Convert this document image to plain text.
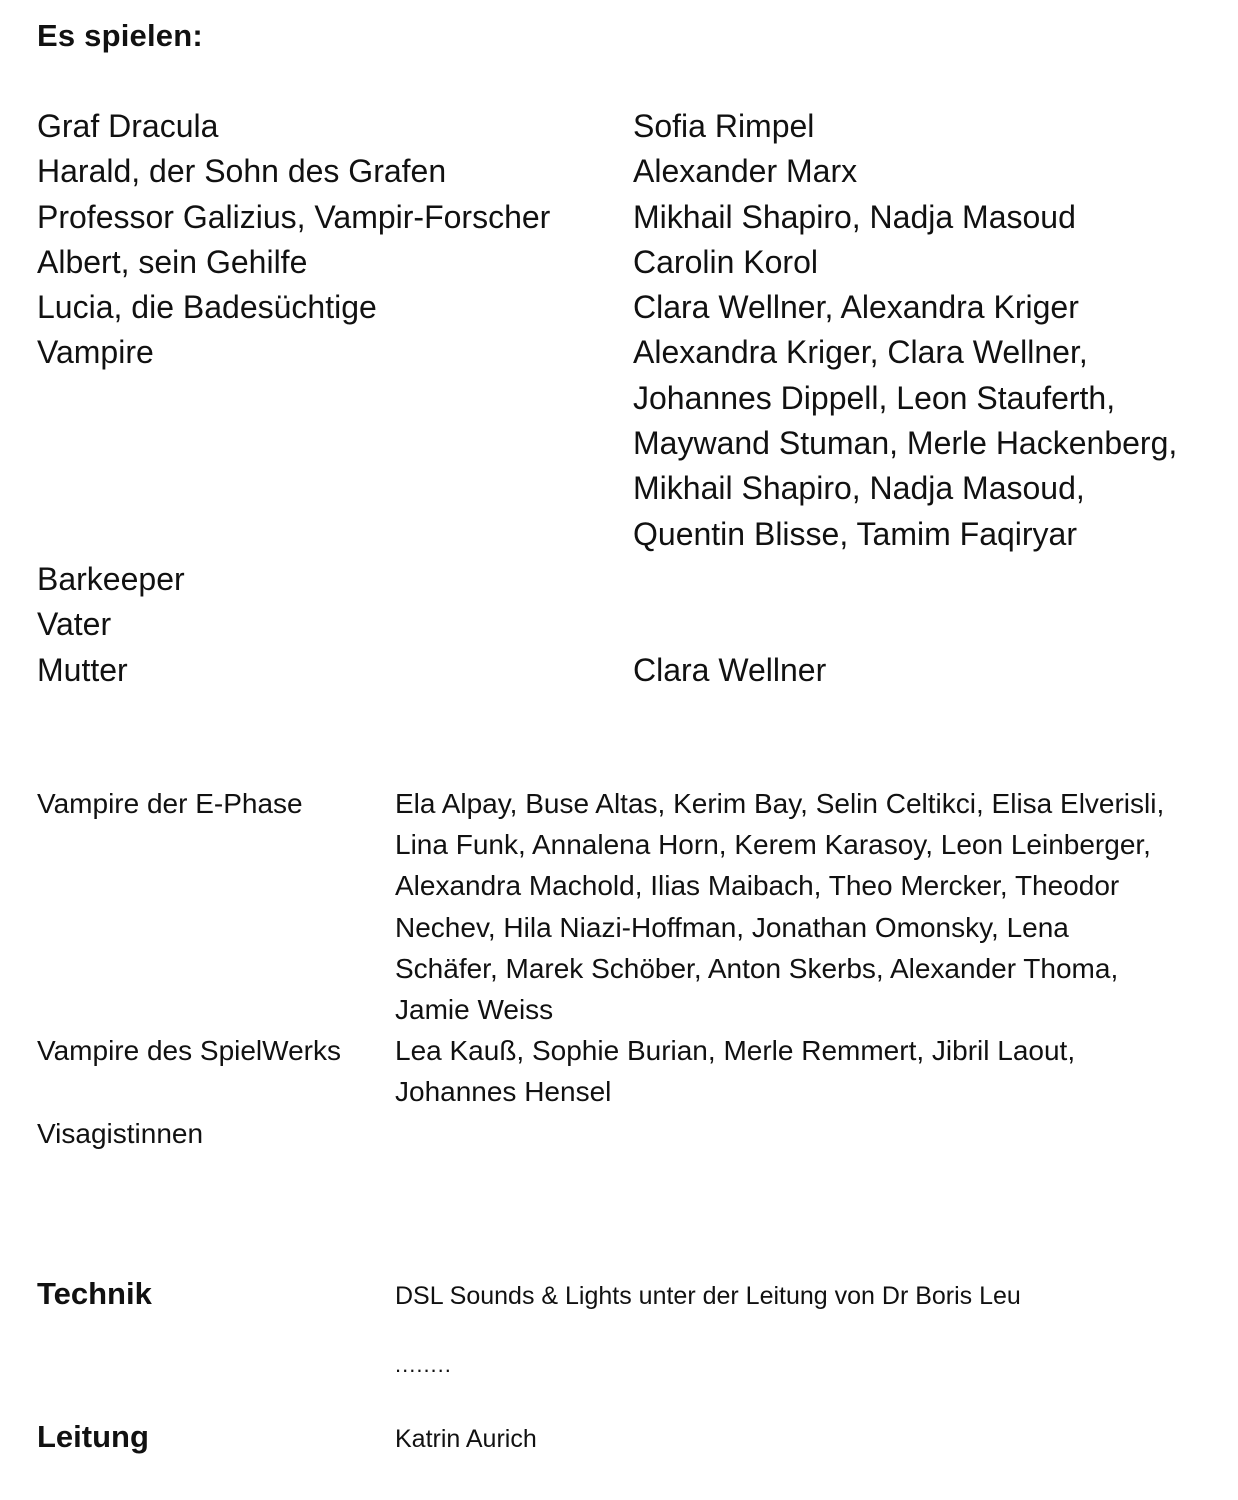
Es spielen:
Graf Dracula	Sofia Rimpel
Harald, der Sohn des Grafen	Alexander Marx
Professor Galizius, Vampir-Forscher	Mikhail Shapiro, Nadja Masoud
Albert, sein Gehilfe	Carolin Korol
Lucia, die Badesüchtige	Clara Wellner, Alexandra Kriger
Vampire	Alexandra Kriger, Clara Wellner,
Johannes Dippell, Leon Stauferth,
Maywand Stuman, Merle Hackenberg,
Mikhail Shapiro, Nadja Masoud,
Quentin Blisse, Tamim Faqiryar
Barkeeper

Vater

Mutter	Clara Wellner
Vampire der E-Phase	Ela Alpay, Buse Altas, Kerim Bay, Selin Celtikci, Elisa Elverisli,
Lina Funk, Annalena Horn, Kerem Karasoy, Leon Leinberger,
Alexandra Machold, Ilias Maibach, Theo Mercker, Theodor
Nechev, Hila Niazi-Hoffman, Jonathan Omonsky, Lena
Schäfer, Marek Schöber, Anton Skerbs, Alexander Thoma,
Jamie Weiss
Vampire des SpielWerks	Lea Kauß, Sophie Burian, Merle Remmert, Jibril Laout,
Johannes Hensel
Visagistinnen

Technik	DSL Sounds & Lights unter der Leitung von Dr Boris Leu
........
Leitung	Katrin Aurich
